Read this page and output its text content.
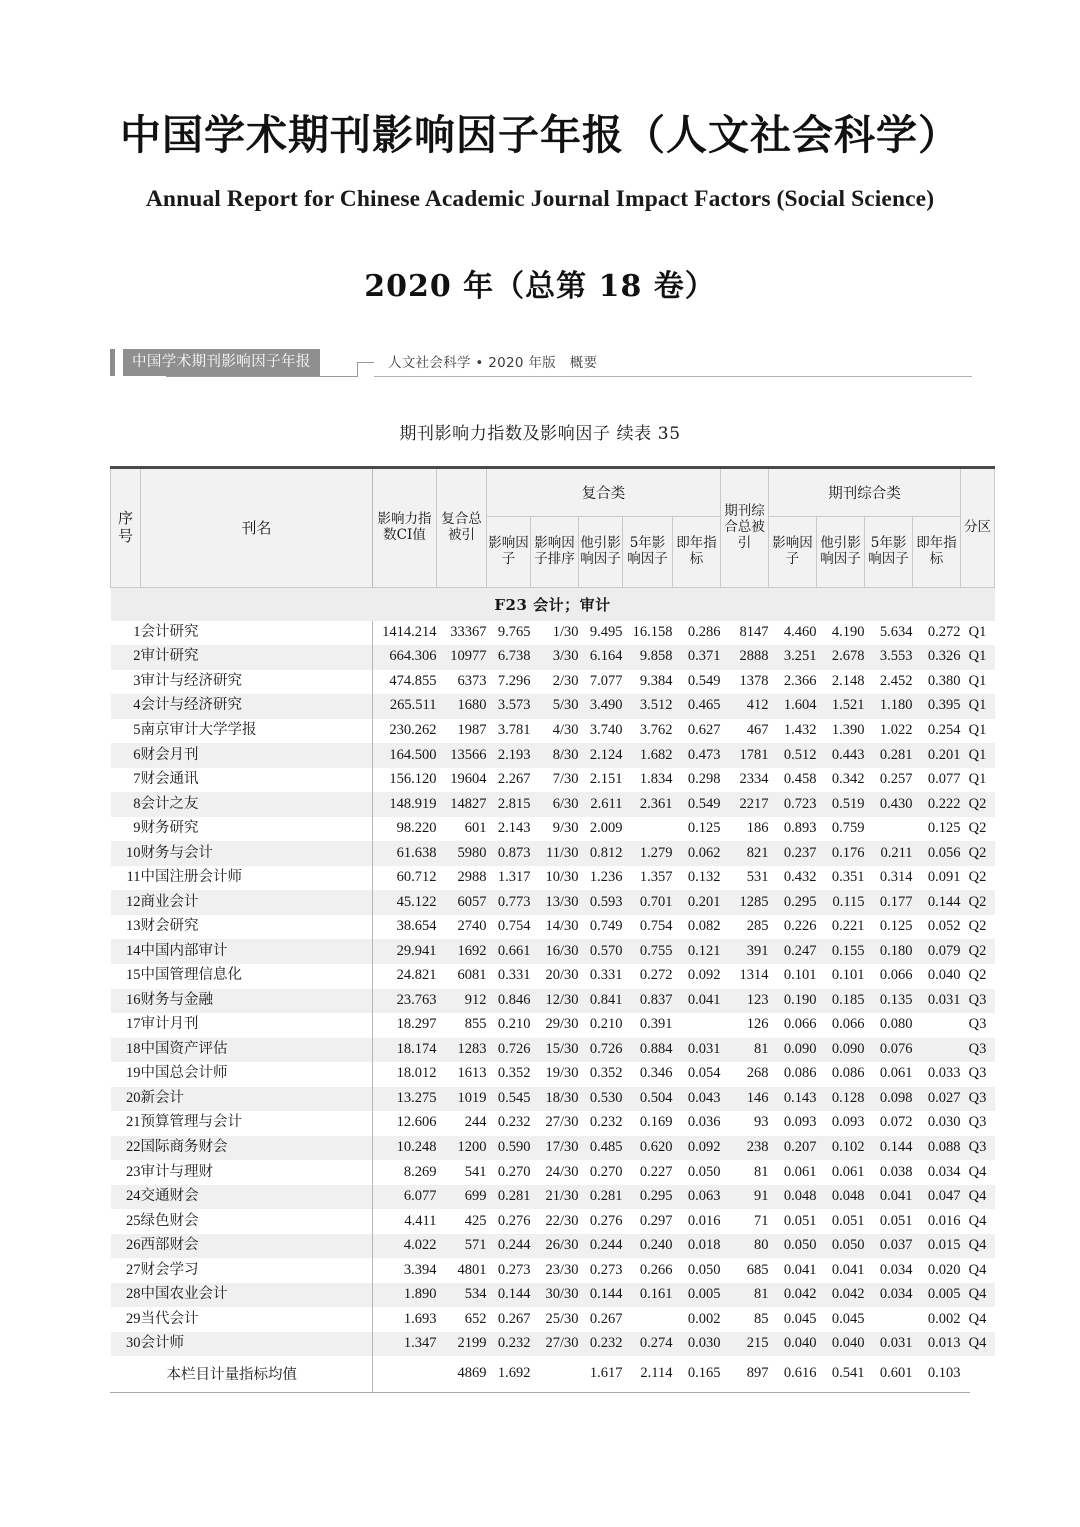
中国学术期刊影响因子年报（人文社会科学）
Annual Report for Chinese Academic Journal Impact Factors (Social Science)
2020 年（总第 18 卷）
中国学术期刊影响因子年报	人文社会科学 • 2020 年版　概要
期刊影响力指数及影响因子 续表 35
序号	刊名	影响力指数CI值	复合总被引	复合类					期刊综合总被引	期刊综合类				分区
				影响因子	影响因子排序	他引影响因子	5年影响因子	即年指标		影响因子	他引影响因子	5年影响因子	即年指标	
F23 会计；审计														
1	会计研究	1414.214	33367	9.765	1/30	9.495	16.158	0.286	8147	4.460	4.190	5.634	0.272	Q1
2	审计研究	664.306	10977	6.738	3/30	6.164	9.858	0.371	2888	3.251	2.678	3.553	0.326	Q1
3	审计与经济研究	474.855	6373	7.296	2/30	7.077	9.384	0.549	1378	2.366	2.148	2.452	0.380	Q1
4	会计与经济研究	265.511	1680	3.573	5/30	3.490	3.512	0.465	412	1.604	1.521	1.180	0.395	Q1
5	南京审计大学学报	230.262	1987	3.781	4/30	3.740	3.762	0.627	467	1.432	1.390	1.022	0.254	Q1
6	财会月刊	164.500	13566	2.193	8/30	2.124	1.682	0.473	1781	0.512	0.443	0.281	0.201	Q1
7	财会通讯	156.120	19604	2.267	7/30	2.151	1.834	0.298	2334	0.458	0.342	0.257	0.077	Q1
8	会计之友	148.919	14827	2.815	6/30	2.611	2.361	0.549	2217	0.723	0.519	0.430	0.222	Q2
9	财务研究	98.220	601	2.143	9/30	2.009		0.125	186	0.893	0.759		0.125	Q2
10	财务与会计	61.638	5980	0.873	11/30	0.812	1.279	0.062	821	0.237	0.176	0.211	0.056	Q2
11	中国注册会计师	60.712	2988	1.317	10/30	1.236	1.357	0.132	531	0.432	0.351	0.314	0.091	Q2
12	商业会计	45.122	6057	0.773	13/30	0.593	0.701	0.201	1285	0.295	0.115	0.177	0.144	Q2
13	财会研究	38.654	2740	0.754	14/30	0.749	0.754	0.082	285	0.226	0.221	0.125	0.052	Q2
14	中国内部审计	29.941	1692	0.661	16/30	0.570	0.755	0.121	391	0.247	0.155	0.180	0.079	Q2
15	中国管理信息化	24.821	6081	0.331	20/30	0.331	0.272	0.092	1314	0.101	0.101	0.066	0.040	Q2
16	财务与金融	23.763	912	0.846	12/30	0.841	0.837	0.041	123	0.190	0.185	0.135	0.031	Q3
17	审计月刊	18.297	855	0.210	29/30	0.210	0.391		126	0.066	0.066	0.080		Q3
18	中国资产评估	18.174	1283	0.726	15/30	0.726	0.884	0.031	81	0.090	0.090	0.076		Q3
19	中国总会计师	18.012	1613	0.352	19/30	0.352	0.346	0.054	268	0.086	0.086	0.061	0.033	Q3
20	新会计	13.275	1019	0.545	18/30	0.530	0.504	0.043	146	0.143	0.128	0.098	0.027	Q3
21	预算管理与会计	12.606	244	0.232	27/30	0.232	0.169	0.036	93	0.093	0.093	0.072	0.030	Q3
22	国际商务财会	10.248	1200	0.590	17/30	0.485	0.620	0.092	238	0.207	0.102	0.144	0.088	Q3
23	审计与理财	8.269	541	0.270	24/30	0.270	0.227	0.050	81	0.061	0.061	0.038	0.034	Q4
24	交通财会	6.077	699	0.281	21/30	0.281	0.295	0.063	91	0.048	0.048	0.041	0.047	Q4
25	绿色财会	4.411	425	0.276	22/30	0.276	0.297	0.016	71	0.051	0.051	0.051	0.016	Q4
26	西部财会	4.022	571	0.244	26/30	0.244	0.240	0.018	80	0.050	0.050	0.037	0.015	Q4
27	财会学习	3.394	4801	0.273	23/30	0.273	0.266	0.050	685	0.041	0.041	0.034	0.020	Q4
28	中国农业会计	1.890	534	0.144	30/30	0.144	0.161	0.005	81	0.042	0.042	0.034	0.005	Q4
29	当代会计	1.693	652	0.267	25/30	0.267		0.002	85	0.045	0.045		0.002	Q4
30	会计师	1.347	2199	0.232	27/30	0.232	0.274	0.030	215	0.040	0.040	0.031	0.013	Q4
	本栏目计量指标均值		4869	1.692		1.617	2.114	0.165	897	0.616	0.541	0.601	0.103	
